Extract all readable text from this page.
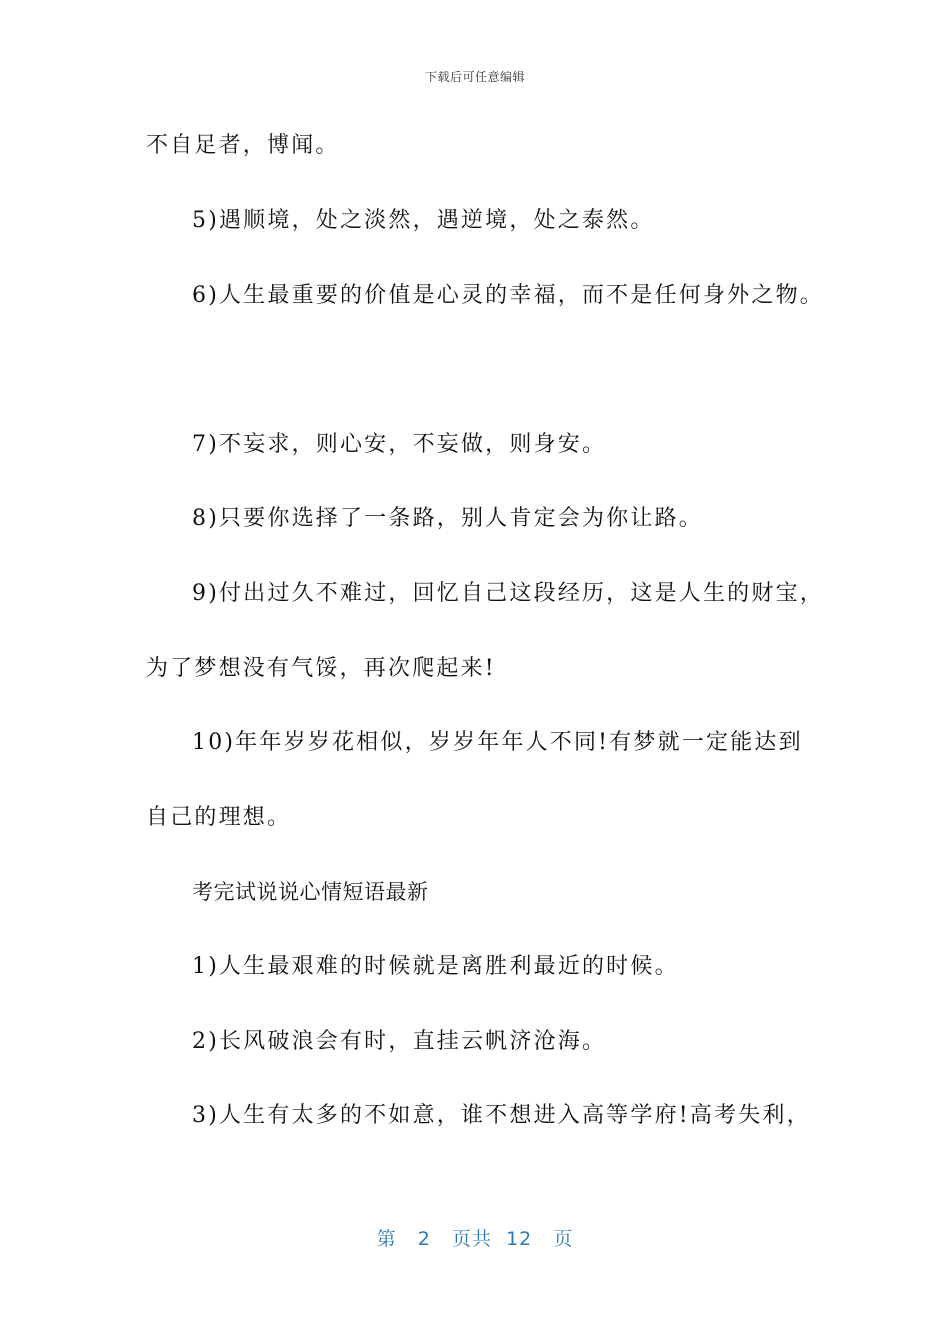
下载后可任意编辑
不自足者，博闻。
5)遇顺境，处之淡然，遇逆境，处之泰然。
6)人生最重要的价值是心灵的幸福，而不是任何身外之物。
7)不妄求，则心安，不妄做，则身安。
8)只要你选择了一条路，别人肯定会为你让路。
9)付出过久不难过，回忆自己这段经历，这是人生的财宝，
为了梦想没有气馁，再次爬起来!
10)年年岁岁花相似，岁岁年年人不同!有梦就一定能达到
自己的理想。
考完试说说心情短语最新
1)人生最艰难的时候就是离胜利最近的时候。
2)长风破浪会有时，直挂云帆济沧海。
3)人生有太多的不如意，谁不想进入高等学府!高考失利，
第 2 页共 12 页
